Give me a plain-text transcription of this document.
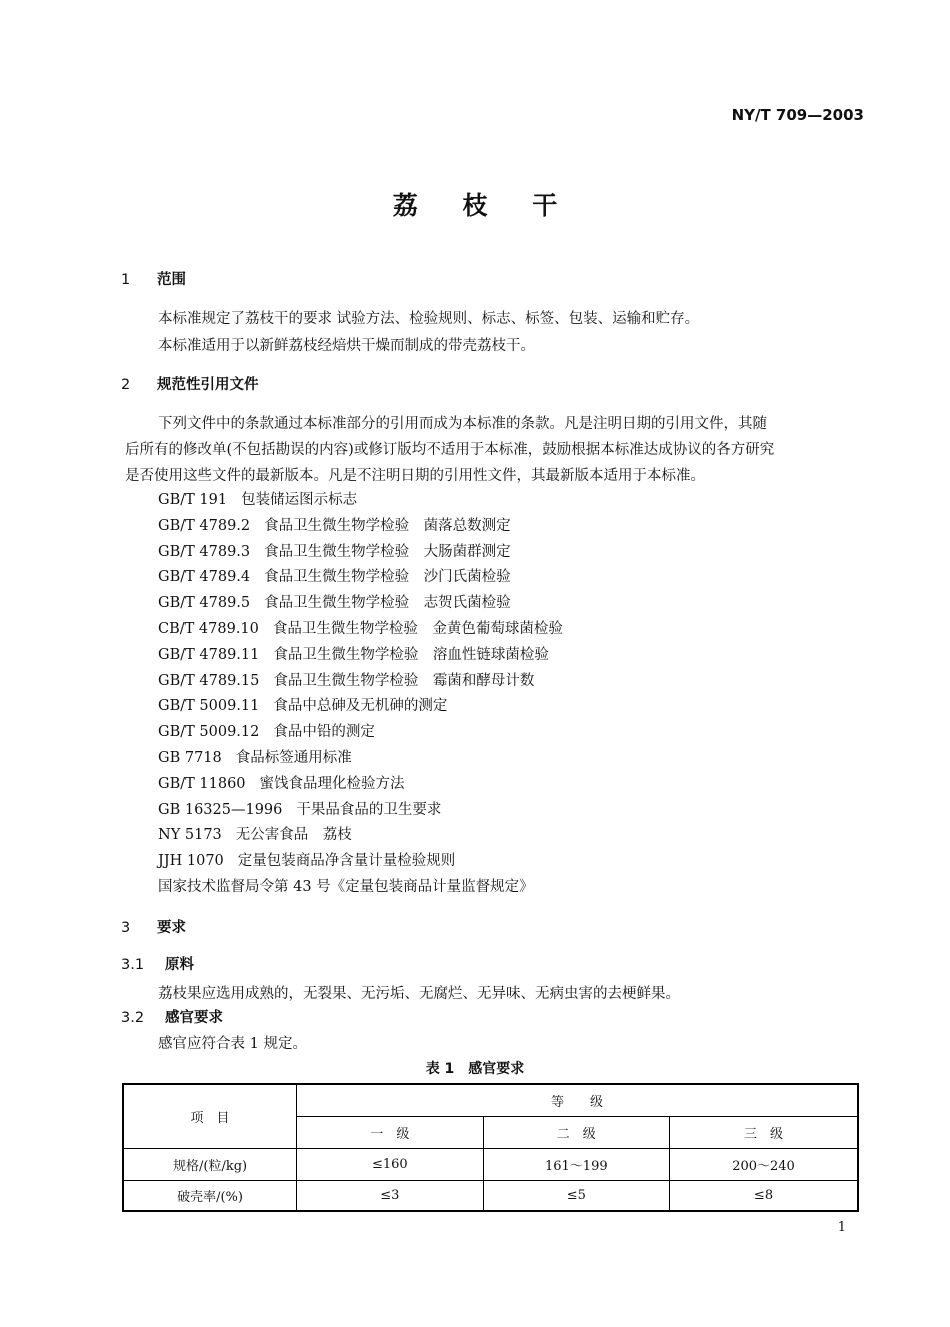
NY/T 709—2003
荔 枝 干
1 范围
本标准规定了荔枝干的要求 试验方法、检验规则、标志、标签、包装、运输和贮存。
本标准适用于以新鲜荔枝经焙烘干燥而制成的带壳荔枝干。
2 规范性引用文件
下列文件中的条款通过本标准部分的引用而成为本标准的条款。凡是注明日期的引用文件，其随
后所有的修改单(不包括勘误的内容)或修订版均不适用于本标准，鼓励根据本标准达成协议的各方研究
是否使用这些文件的最新版本。凡是不注明日期的引用性文件，其最新版本适用于本标准。
GB/T 191 包装储运图示标志
GB/T 4789.2 食品卫生微生物学检验　菌落总数测定
GB/T 4789.3 食品卫生微生物学检验　大肠菌群测定
GB/T 4789.4 食品卫生微生物学检验　沙门氏菌检验
GB/T 4789.5 食品卫生微生物学检验　志贺氏菌检验
CB/T 4789.10 食品卫生微生物学检验　金黄色葡萄球菌检验
GB/T 4789.11 食品卫生微生物学检验　溶血性链球菌检验
GB/T 4789.15 食品卫生微生物学检验　霉菌和酵母计数
GB/T 5009.11 食品中总砷及无机砷的测定
GB/T 5009.12 食品中铅的测定
GB 7718 食品标签通用标准
GB/T 11860 蜜饯食品理化检验方法
GB 16325—1996 干果品食品的卫生要求
NY 5173 无公害食品　荔枝
JJH 1070 定量包装商品净含量计量检验规则
国家技术监督局令第 43 号《定量包装商品计量监督规定》
3 要求
3.1 原料
荔枝果应选用成熟的，无裂果、无污垢、无腐烂、无异味、无病虫害的去梗鲜果。
3.2 感官要求
感官应符合表 1 规定。
表 1　感官要求
项　目	等　　级		
	一　级	二　级	三　级
规格/(粒/kg)	≤160	161～199	200～240
破壳率/(%)	≤3	≤5	≤8
1
